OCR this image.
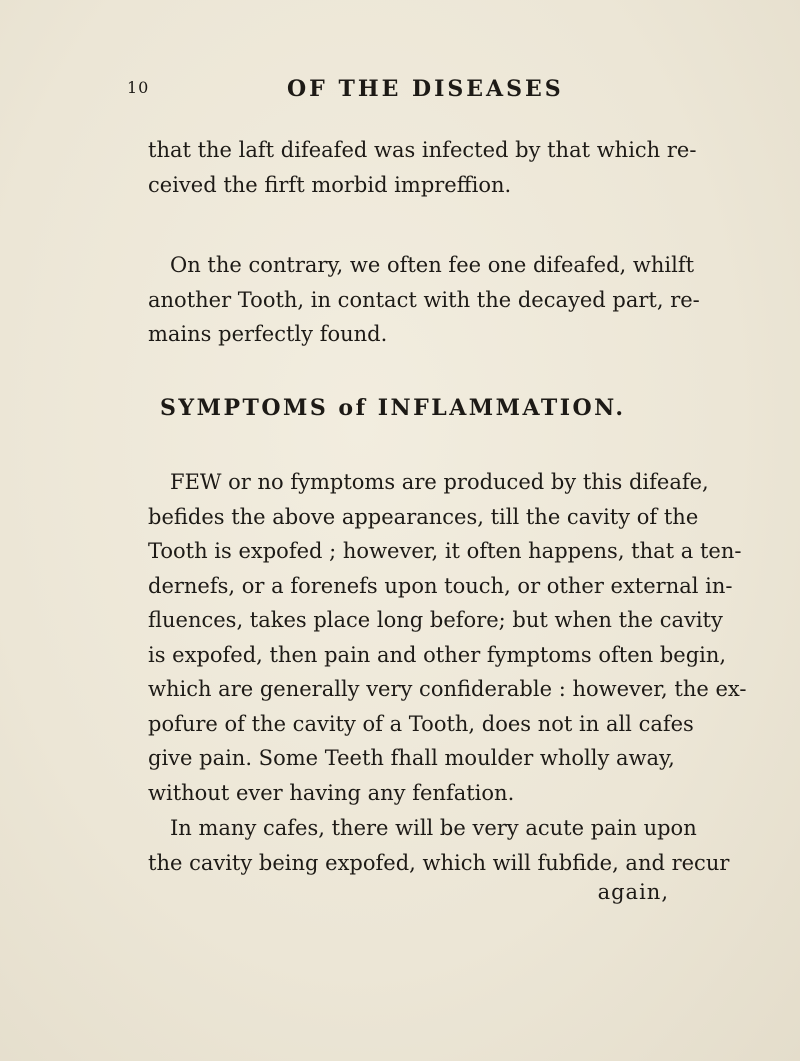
10	OF THE DISEASES
that the laft difeafed was infected by that which re-
ceived the firft morbid impreffion.
On the contrary, we often fee one difeafed, whilft
another Tooth, in contact with the decayed part, re-
mains perfectly found.
SYMPTOMS of INFLAMMATION.
FEW or no fymptoms are produced by this difeafe,
befides the above appearances, till the cavity of the
Tooth is expofed ; however, it often happens, that a ten-
dernefs, or a forenefs upon touch, or other external in-
fluences, takes place long before; but when the cavity
is expofed, then pain and other fymptoms often begin,
which are generally very confiderable : however, the ex-
pofure of the cavity of a Tooth, does not in all cafes
give pain. Some Teeth fhall moulder wholly away,
without ever having any fenfation.
In many cafes, there will be very acute pain upon
the cavity being expofed, which will fubfide, and recur
again,
